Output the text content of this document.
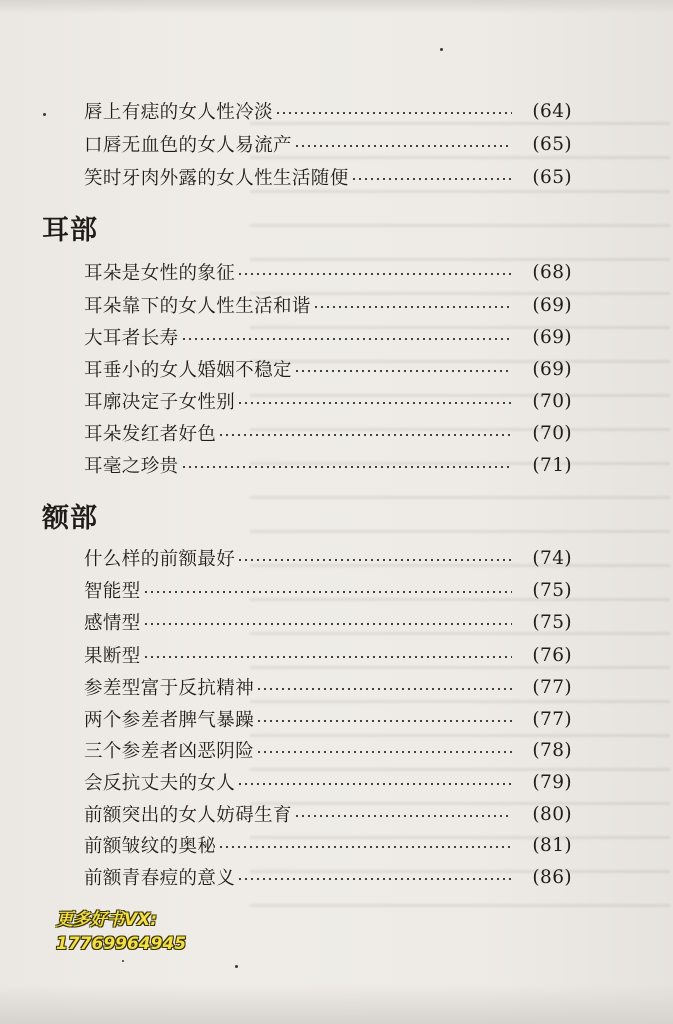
唇上有痣的女人性冷淡	(64)
口唇无血色的女人易流产	(65)
笑时牙肉外露的女人性生活随便	(65)
耳部
耳朵是女性的象征	(68)
耳朵靠下的女人性生活和谐	(69)
大耳者长寿	(69)
耳垂小的女人婚姻不稳定	(69)
耳廓决定子女性别	(70)
耳朵发红者好色	(70)
耳毫之珍贵	(71)
额部
什么样的前额最好	(74)
智能型	(75)
感情型	(75)
果断型	(76)
参差型富于反抗精神	(77)
两个参差者脾气暴躁	(77)
三个参差者凶恶阴险	(78)
会反抗丈夫的女人	(79)
前额突出的女人妨碍生育	(80)
前额皱纹的奥秘	(81)
前额青春痘的意义	(86)
更多好书VX:
17769964945
